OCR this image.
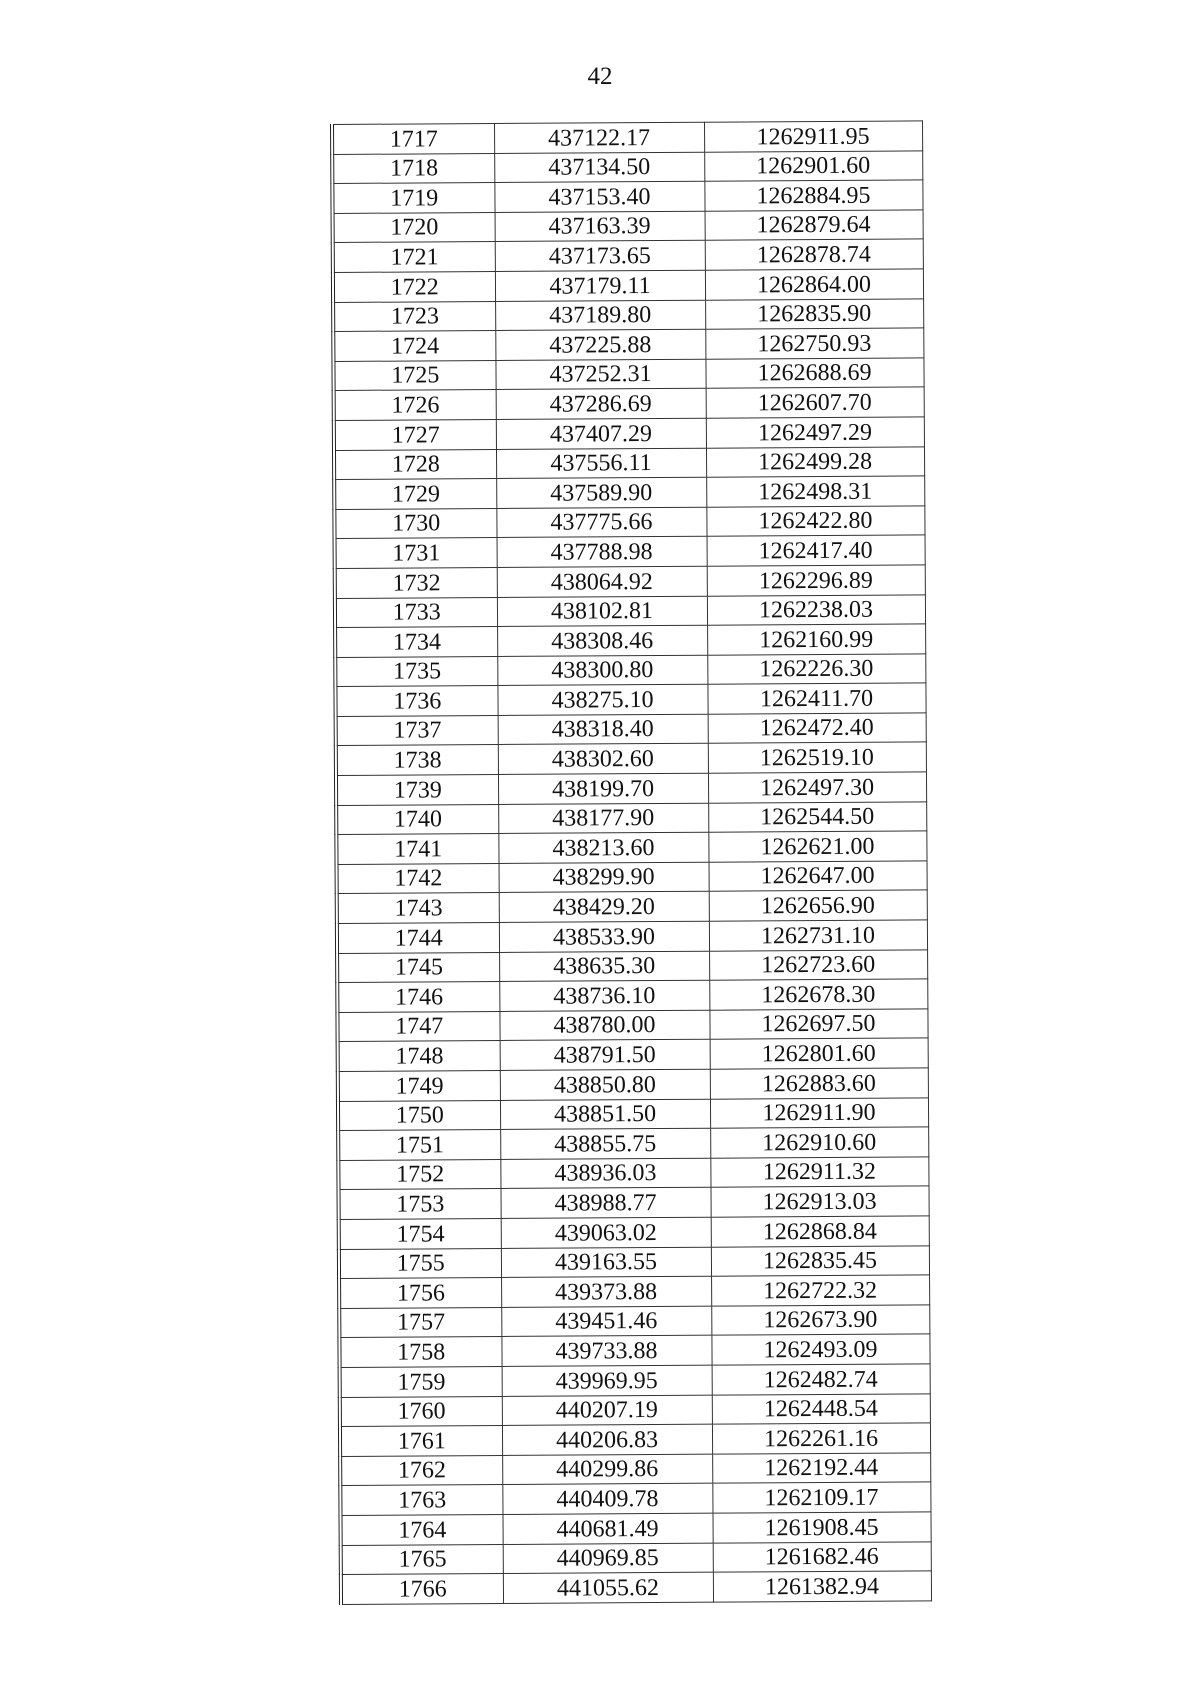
42
1717	437122.17	1262911.95
1718	437134.50	1262901.60
1719	437153.40	1262884.95
1720	437163.39	1262879.64
1721	437173.65	1262878.74
1722	437179.11	1262864.00
1723	437189.80	1262835.90
1724	437225.88	1262750.93
1725	437252.31	1262688.69
1726	437286.69	1262607.70
1727	437407.29	1262497.29
1728	437556.11	1262499.28
1729	437589.90	1262498.31
1730	437775.66	1262422.80
1731	437788.98	1262417.40
1732	438064.92	1262296.89
1733	438102.81	1262238.03
1734	438308.46	1262160.99
1735	438300.80	1262226.30
1736	438275.10	1262411.70
1737	438318.40	1262472.40
1738	438302.60	1262519.10
1739	438199.70	1262497.30
1740	438177.90	1262544.50
1741	438213.60	1262621.00
1742	438299.90	1262647.00
1743	438429.20	1262656.90
1744	438533.90	1262731.10
1745	438635.30	1262723.60
1746	438736.10	1262678.30
1747	438780.00	1262697.50
1748	438791.50	1262801.60
1749	438850.80	1262883.60
1750	438851.50	1262911.90
1751	438855.75	1262910.60
1752	438936.03	1262911.32
1753	438988.77	1262913.03
1754	439063.02	1262868.84
1755	439163.55	1262835.45
1756	439373.88	1262722.32
1757	439451.46	1262673.90
1758	439733.88	1262493.09
1759	439969.95	1262482.74
1760	440207.19	1262448.54
1761	440206.83	1262261.16
1762	440299.86	1262192.44
1763	440409.78	1262109.17
1764	440681.49	1261908.45
1765	440969.85	1261682.46
1766	441055.62	1261382.94
